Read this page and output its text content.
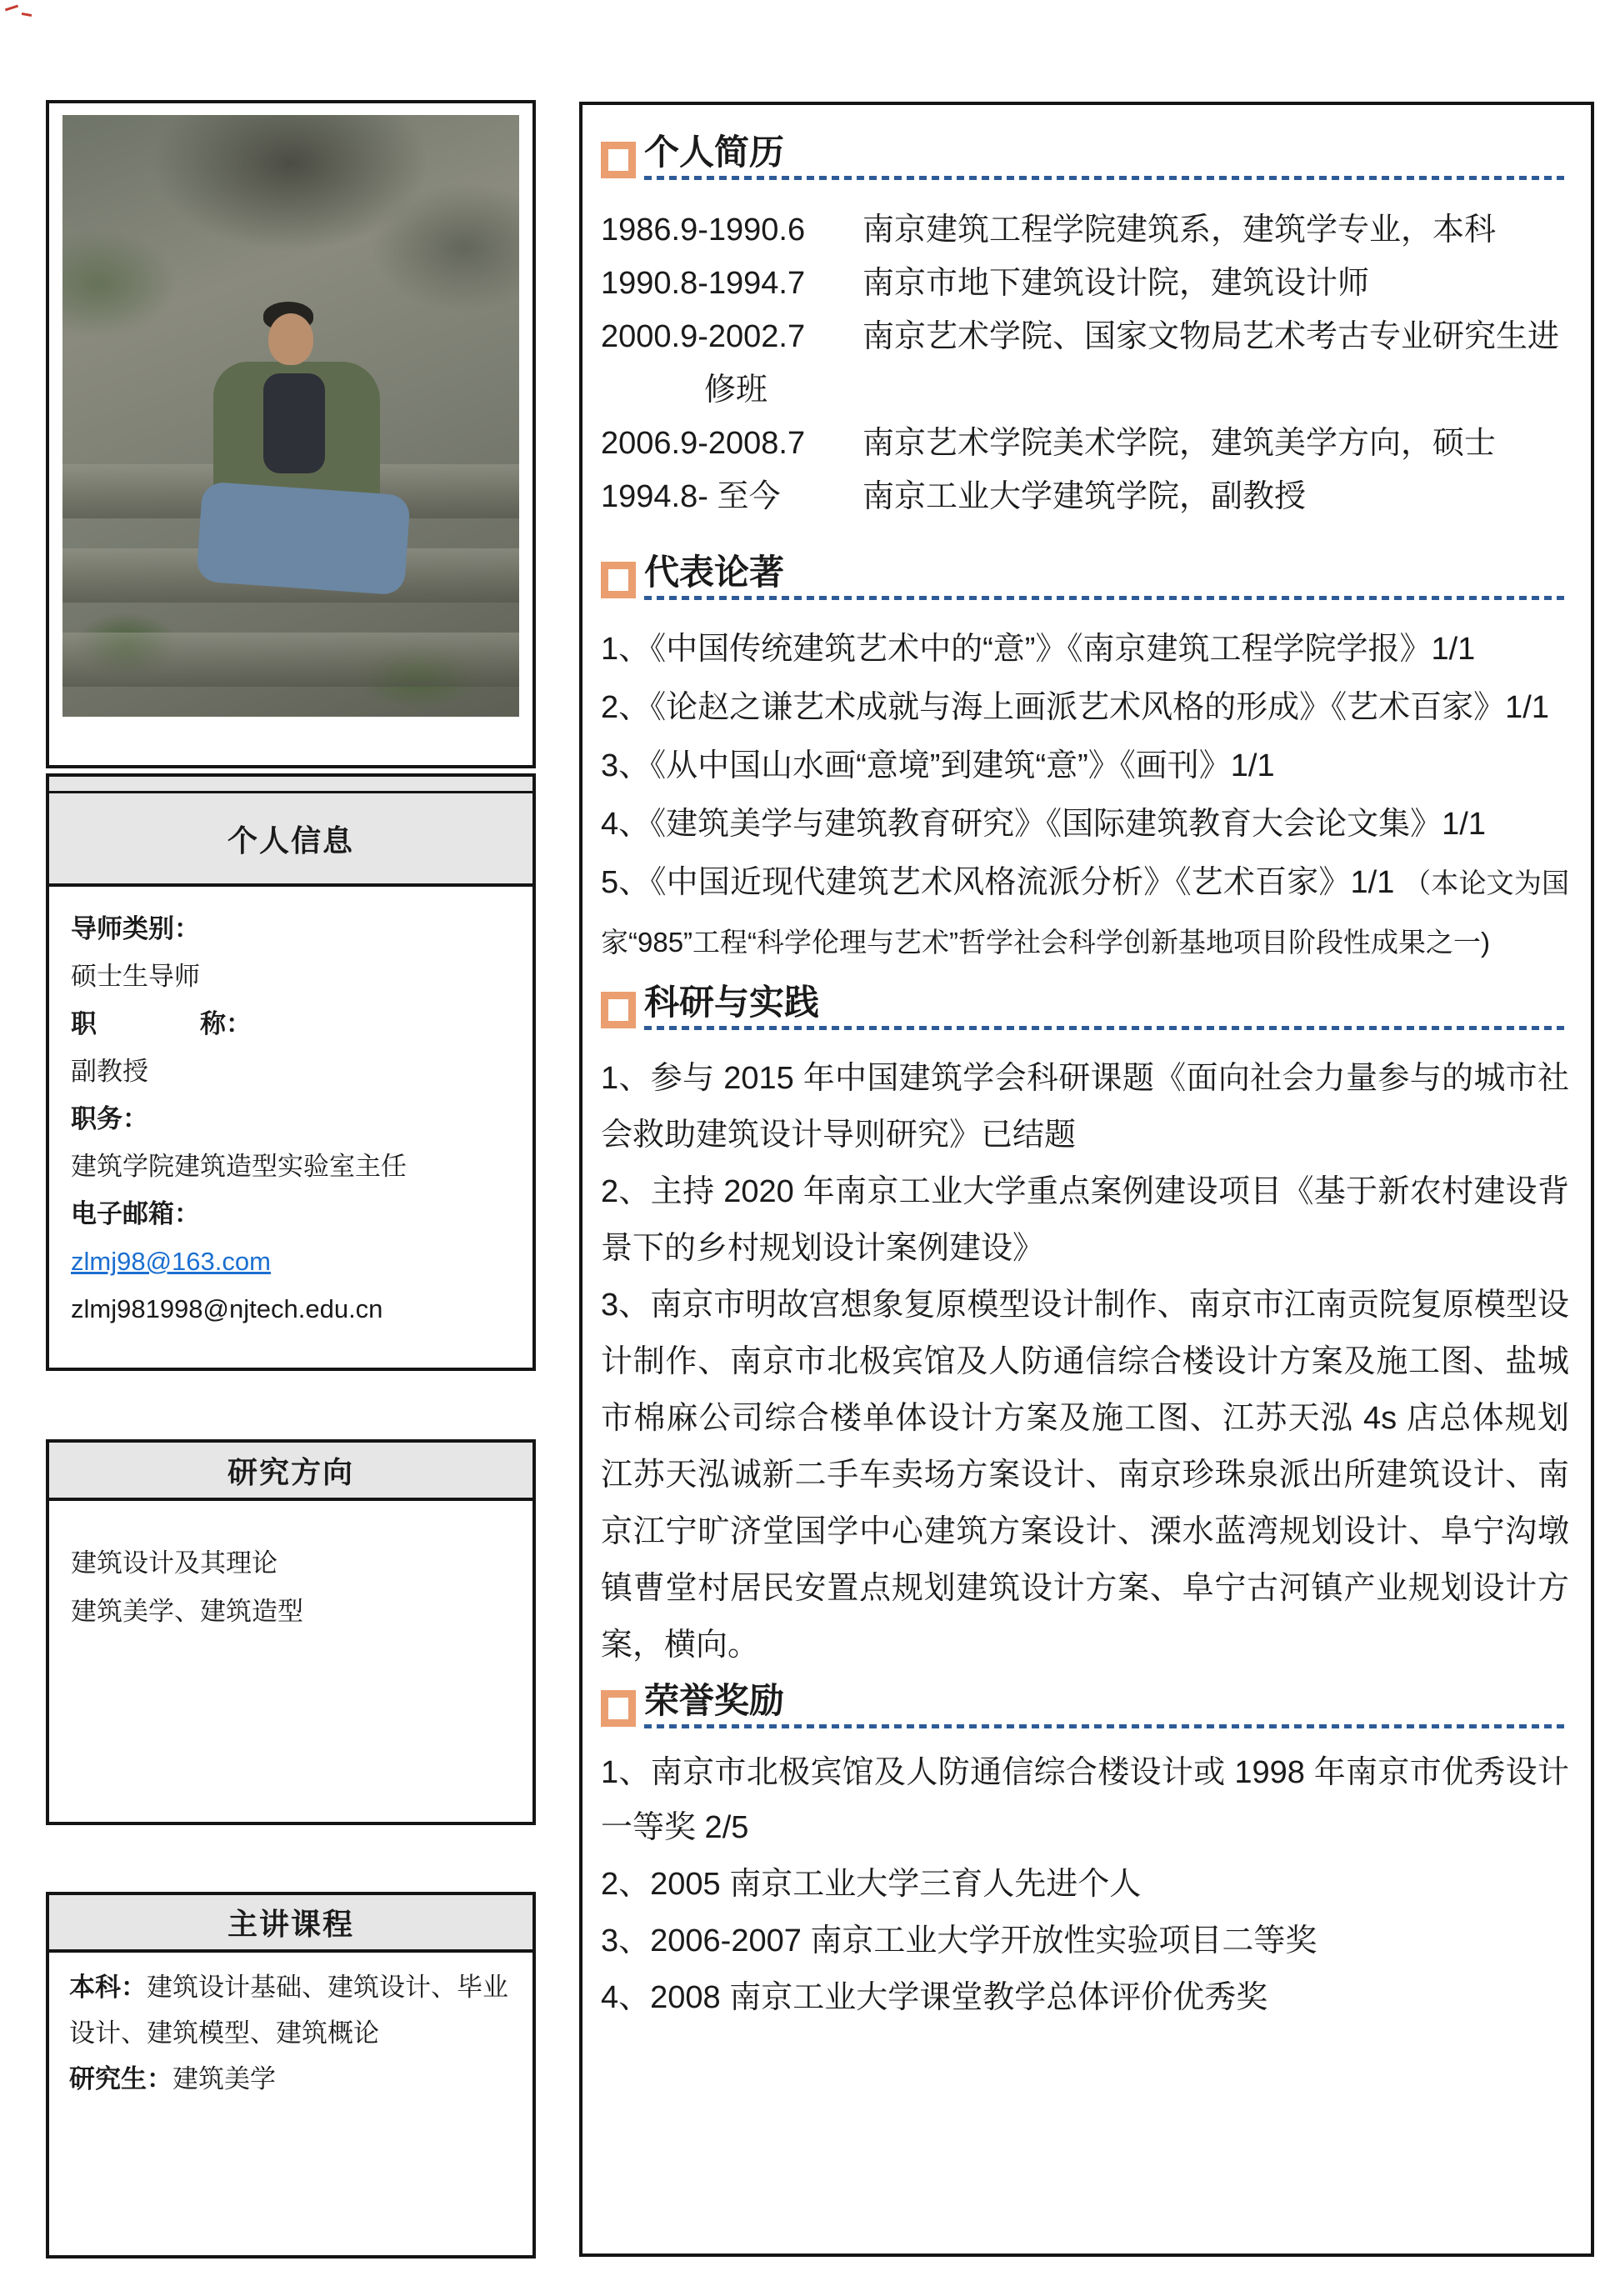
个人信息
导师类别：
硕士生导师
职　　　　称：
副教授
职务：
建筑学院建筑造型实验室主任
电子邮箱：
zlmj98@163.com
zlmj981998@njtech.edu.cn
研究方向
建筑设计及其理论
建筑美学、建筑造型
主讲课程

本科：建筑设计基础、建筑设计、毕业设计、建筑模型、建筑概论

研究生：建筑美学

个人简历
1986.9-1990.6	南京建筑工程学院建筑系，建筑学专业，本科
1990.8-1994.7	南京市地下建筑设计院，建筑设计师
2000.9-2002.7	南京艺术学院、国家文物局艺术考古专业研究生进
修班
2006.9-2008.7	南京艺术学院美术学院，建筑美学方向，硕士
1994.8- 至今	南京工业大学建筑学院，副教授
代表论著

1、《中国传统建筑艺术中的“意”》《南京建筑工程学院学报》1/1

2、《论赵之谦艺术成就与海上画派艺术风格的形成》《艺术百家》1/1

3、《从中国山水画“意境”到建筑“意”》《画刊》1/1

4、《建筑美学与建筑教育研究》《国际建筑教育大会论文集》1/1

5、《中国近现代建筑艺术风格流派分析》《艺术百家》1/1 （本论文为国家“985”工程“科学伦理与艺术”哲学社会科学创新基地项目阶段性成果之一)

科研与实践

1、参与 2015 年中国建筑学会科研课题《面向社会力量参与的城市社会救助建筑设计导则研究》已结题

2、主持 2020 年南京工业大学重点案例建设项目《基于新农村建设背景下的乡村规划设计案例建设》

3、南京市明故宫想象复原模型设计制作、南京市江南贡院复原模型设计制作、南京市北极宾馆及人防通信综合楼设计方案及施工图、盐城市棉麻公司综合楼单体设计方案及施工图、江苏天泓 4s 店总体规划 江苏天泓诚新二手车卖场方案设计、南京珍珠泉派出所建筑设计、南京江宁旷济堂国学中心建筑方案设计、溧水蓝湾规划设计、阜宁沟墩镇曹堂村居民安置点规划建筑设计方案、阜宁古河镇产业规划设计方案，横向。

荣誉奖励

1、南京市北极宾馆及人防通信综合楼设计或 1998 年南京市优秀设计一等奖 2/5

2、2005 南京工业大学三育人先进个人

3、2006-2007 南京工业大学开放性实验项目二等奖

4、2008 南京工业大学课堂教学总体评价优秀奖
